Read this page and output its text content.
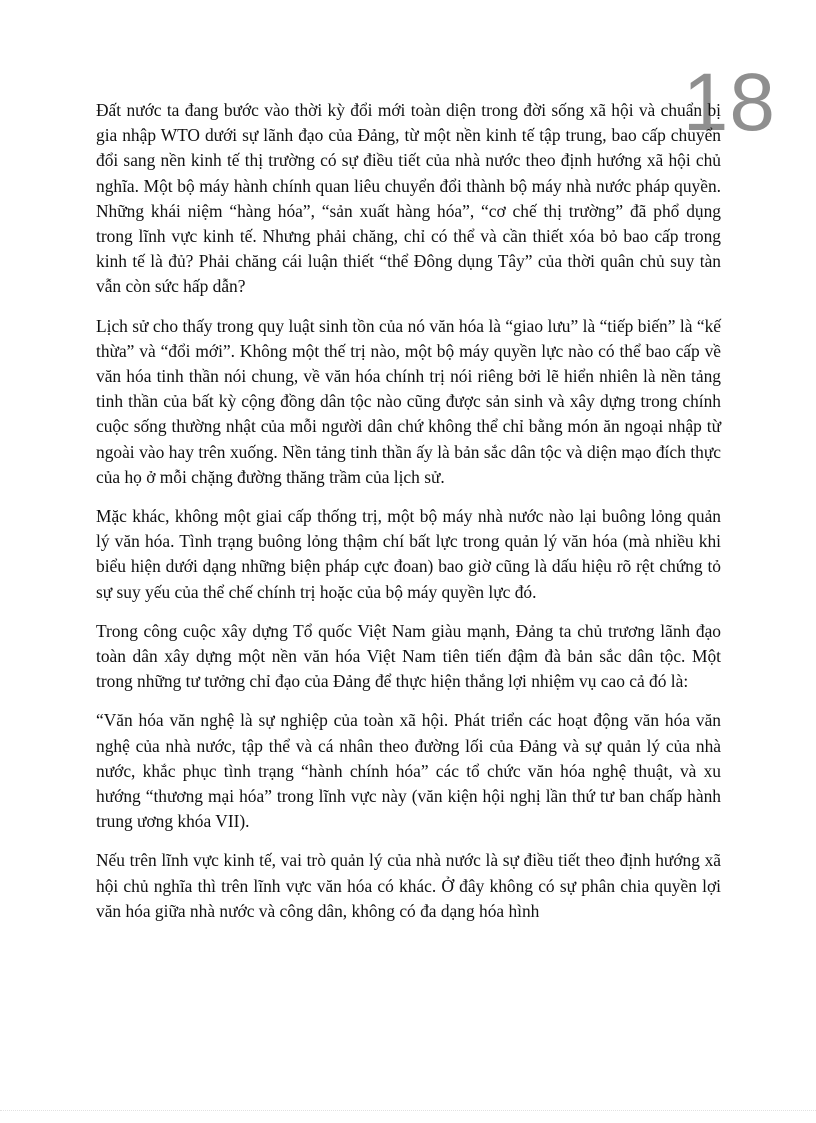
18

Đất nước ta đang bước vào thời kỳ đổi mới toàn diện trong đời sống xã hội và chuẩn bị gia nhập WTO dưới sự lãnh đạo của Đảng, từ một nền kinh tế tập trung, bao cấp chuyển đổi sang nền kinh tế thị trường có sự điều tiết của nhà nước theo định hướng xã hội chủ nghĩa. Một bộ máy hành chính quan liêu chuyển đổi thành bộ máy nhà nước pháp quyền. Những khái niệm “hàng hóa”, “sản xuất hàng hóa”, “cơ chế thị trường” đã phổ dụng trong lĩnh vực kinh tế. Nhưng phải chăng, chỉ có thể và cần thiết xóa bỏ bao cấp trong kinh tế là đủ? Phải chăng cái luận thiết “thể Đông dụng Tây” của thời quân chủ suy tàn vẫn còn sức hấp dẫn?

Lịch sử cho thấy trong quy luật sinh tồn của nó văn hóa là “giao lưu” là “tiếp biến” là “kế thừa” và “đổi mới”. Không một thế trị nào, một bộ máy quyền lực nào có thể bao cấp về văn hóa tinh thần nói chung, về văn hóa chính trị nói riêng bởi lẽ hiển nhiên là nền tảng tinh thần của bất kỳ cộng đồng dân tộc nào cũng được sản sinh và xây dựng trong chính cuộc sống thường nhật của mỗi người dân chứ không thể chỉ bằng món ăn ngoại nhập từ ngoài vào hay trên xuống. Nền tảng tinh thần ấy là bản sắc dân tộc và diện mạo đích thực của họ ở mỗi chặng đường thăng trầm của lịch sử.

Mặc khác, không một giai cấp thống trị, một bộ máy nhà nước nào lại buông lỏng quản lý văn hóa. Tình trạng buông lỏng thậm chí bất lực trong quản lý văn hóa (mà nhiều khi biểu hiện dưới dạng những biện pháp cực đoan) bao giờ cũng là dấu hiệu rõ rệt chứng tỏ sự suy yếu của thể chế chính trị hoặc của bộ máy quyền lực đó.

Trong công cuộc xây dựng Tổ quốc Việt Nam giàu mạnh, Đảng ta chủ trương lãnh đạo toàn dân xây dựng một nền văn hóa Việt Nam tiên tiến đậm đà bản sắc dân tộc. Một trong những tư tưởng chỉ đạo của Đảng để thực hiện thắng lợi nhiệm vụ cao cả đó là:

“Văn hóa văn nghệ là sự nghiệp của toàn xã hội. Phát triển các hoạt động văn hóa văn nghệ của nhà nước, tập thể và cá nhân theo đường lối của Đảng và sự quản lý của nhà nước, khắc phục tình trạng “hành chính hóa” các tổ chức văn hóa nghệ thuật, và xu hướng “thương mại hóa” trong lĩnh vực này (văn kiện hội nghị lần thứ tư ban chấp hành trung ương khóa VII).

Nếu trên lĩnh vực kinh tế, vai trò quản lý của nhà nước là sự điều tiết theo định hướng xã hội chủ nghĩa thì trên lĩnh vực văn hóa có khác. Ở đây không có sự phân chia quyền lợi văn hóa giữa nhà nước và công dân, không có đa dạng hóa hình
